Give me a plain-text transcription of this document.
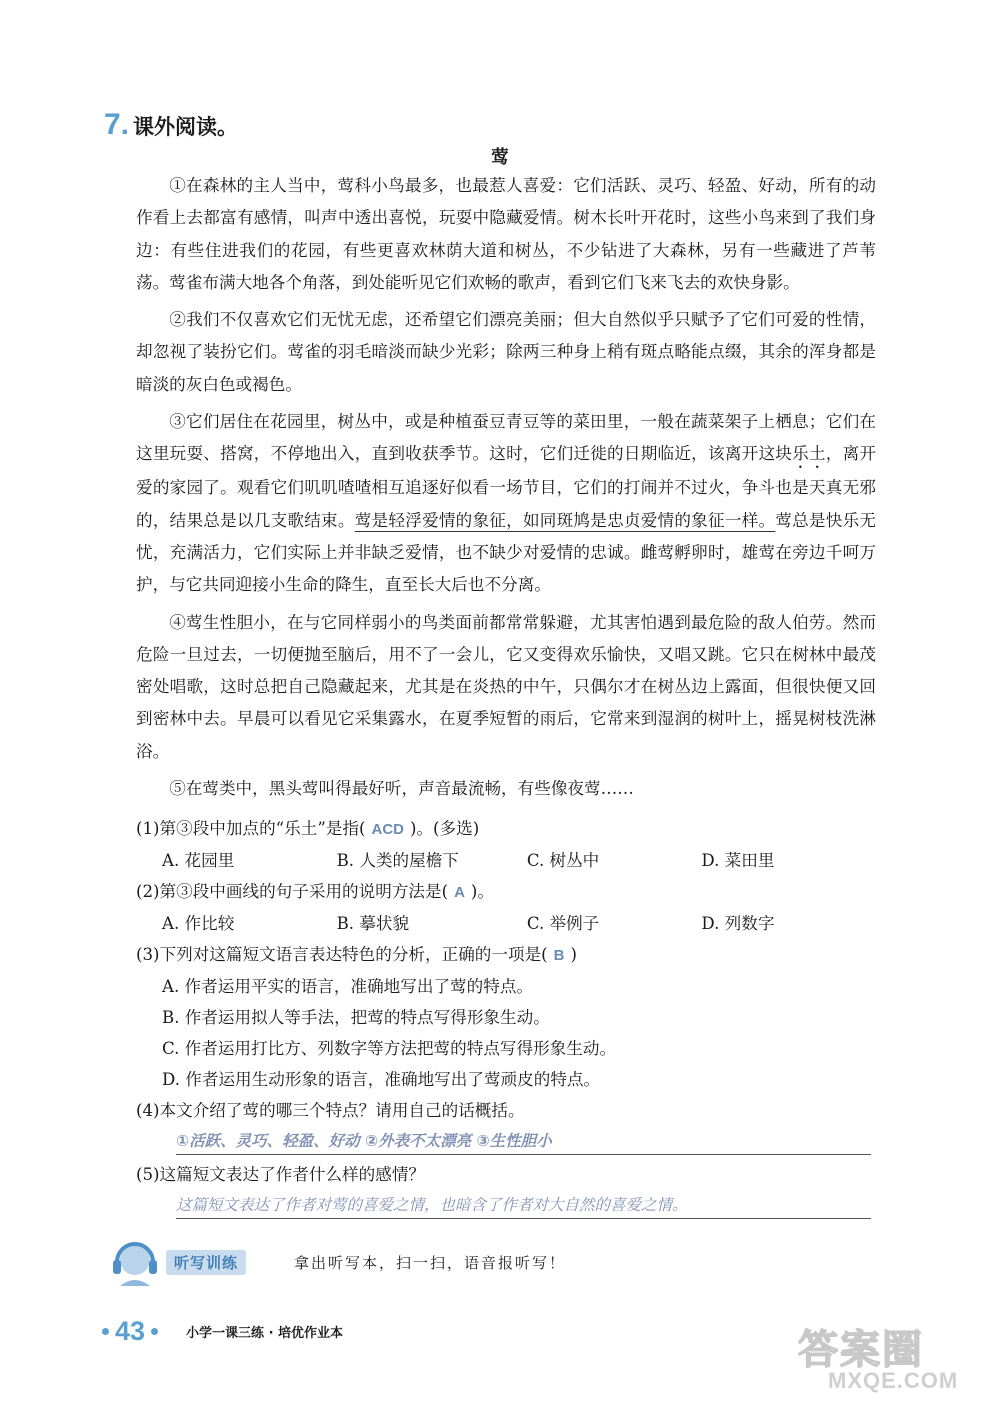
7. 课外阅读。
莺

①在森林的主人当中，莺科小鸟最多，也最惹人喜爱：它们活跃、灵巧、轻盈、好动，所有的动作看上去都富有感情，叫声中透出喜悦，玩耍中隐藏爱情。树木长叶开花时，这些小鸟来到了我们身边：有些住进我们的花园，有些更喜欢林荫大道和树丛，不少钻进了大森林，另有一些藏进了芦苇荡。莺雀布满大地各个角落，到处能听见它们欢畅的歌声，看到它们飞来飞去的欢快身影。

②我们不仅喜欢它们无忧无虑，还希望它们漂亮美丽；但大自然似乎只赋予了它们可爱的性情，却忽视了装扮它们。莺雀的羽毛暗淡而缺少光彩；除两三种身上稍有斑点略能点缀，其余的浑身都是暗淡的灰白色或褐色。

③它们居住在花园里，树丛中，或是种植蚕豆青豆等的菜田里，一般在蔬菜架子上栖息；它们在这里玩耍、搭窝，不停地出入，直到收获季节。这时，它们迁徙的日期临近，该离开这块乐土，离开爱的家园了。观看它们叽叽喳喳相互追逐好似看一场节目，它们的打闹并不过火，争斗也是天真无邪的，结果总是以几支歌结束。莺是轻浮爱情的象征，如同斑鸠是忠贞爱情的象征一样。莺总是快乐无忧，充满活力，它们实际上并非缺乏爱情，也不缺少对爱情的忠诚。雌莺孵卵时，雄莺在旁边千呵万护，与它共同迎接小生命的降生，直至长大后也不分离。

④莺生性胆小，在与它同样弱小的鸟类面前都常常躲避，尤其害怕遇到最危险的敌人伯劳。然而危险一旦过去，一切便抛至脑后，用不了一会儿，它又变得欢乐愉快，又唱又跳。它只在树林中最茂密处唱歌，这时总把自己隐藏起来，尤其是在炎热的中午，只偶尔才在树丛边上露面，但很快便又回到密林中去。早晨可以看见它采集露水，在夏季短暂的雨后，它常来到湿润的树叶上，摇晃树枝洗淋浴。

⑤在莺类中，黑头莺叫得最好听，声音最流畅，有些像夜莺……

(1)第③段中加点的“乐土”是指( ACD )。(多选)

A. 花园里	B. 人类的屋檐下	C. 树丛中	D. 菜田里

(2)第③段中画线的句子采用的说明方法是( A )。

A. 作比较	B. 摹状貌	C. 举例子	D. 列数字

(3)下列对这篇短文语言表达特色的分析，正确的一项是( B )

A. 作者运用平实的语言，准确地写出了莺的特点。
B. 作者运用拟人等手法，把莺的特点写得形象生动。
C. 作者运用打比方、列数字等方法把莺的特点写得形象生动。
D. 作者运用生动形象的语言，准确地写出了莺顽皮的特点。

(4)本文介绍了莺的哪三个特点？请用自己的话概括。

①活跃、灵巧、轻盈、好动 ②外表不太漂亮 ③生性胆小

(5)这篇短文表达了作者什么样的感情？

这篇短文表达了作者对莺的喜爱之情，也暗含了作者对大自然的喜爱之情。
听写训练	拿出听写本，扫一扫，语音报听写！
43	小学一课三练 · 培优作业本	答案圈
MXQE.COM
